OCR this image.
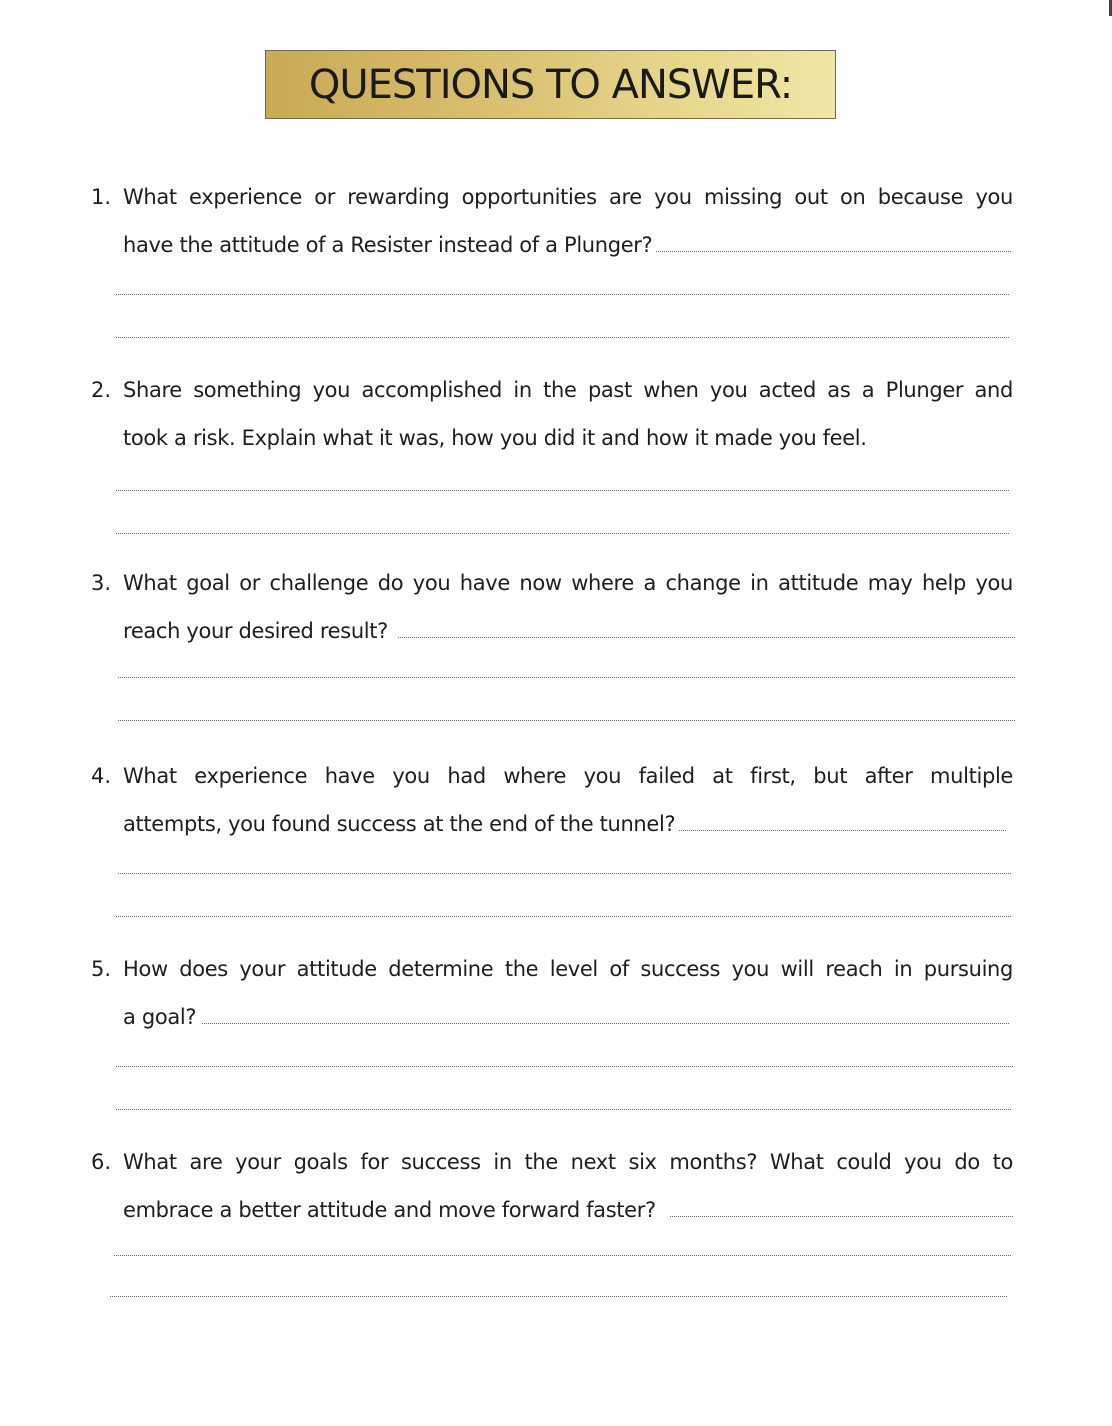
QUESTIONS TO ANSWER:
1. What experience or rewarding opportunities are you missing out on because you
have the attitude of a Resister instead of a Plunger?
2. Share something you accomplished in the past when you acted as a Plunger and
took a risk. Explain what it was, how you did it and how it made you feel.
3. What goal or challenge do you have now where a change in attitude may help you
reach your desired result?
4. What experience have you had where you failed at first, but after multiple
attempts, you found success at the end of the tunnel?
5. How does your attitude determine the level of success you will reach in pursuing
a goal?
6. What are your goals for success in the next six months? What could you do to
embrace a better attitude and move forward faster?
